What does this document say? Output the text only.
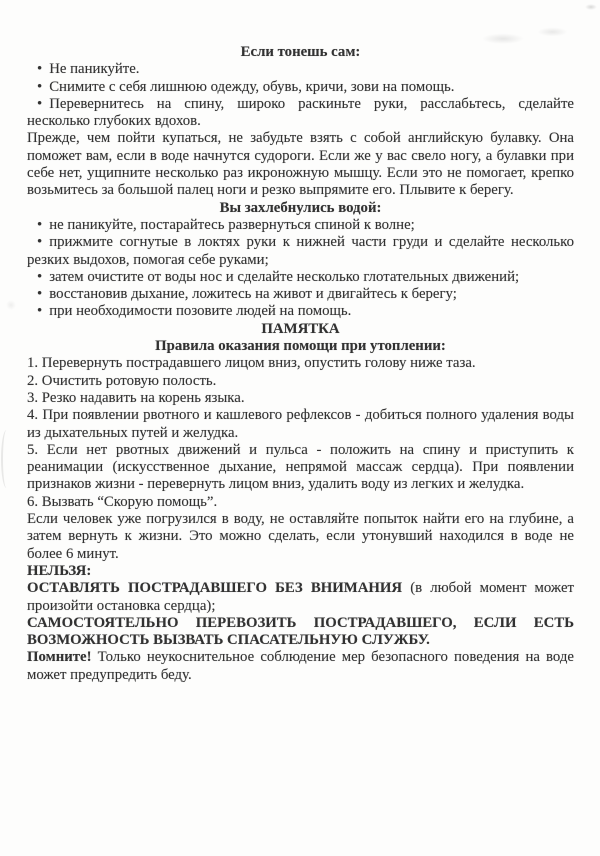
Если тонешь сам:

• Не паникуйте.
• Снимите с себя лишнюю одежду, обувь, кричи, зови на помощь.
• Перевернитесь на спину, широко раскиньте руки, расслабьтесь, сделайте несколько глубоких вдохов.

Прежде, чем пойти купаться, не забудьте взять с собой английскую булавку. Она поможет вам, если в воде начнутся судороги. Если же у вас свело ногу, а булавки при себе нет, ущипните несколько раз икроножную мышцу. Если это не помогает, крепко возьмитесь за большой палец ноги и резко выпрямите его. Плывите к берегу.

Вы захлебнулись водой:

• не паникуйте, постарайтесь развернуться спиной к волне;
• прижмите согнутые в локтях руки к нижней части груди и сделайте несколько резких выдохов, помогая себе руками;
• затем очистите от воды нос и сделайте несколько глотательных движений;
• восстановив дыхание, ложитесь на живот и двигайтесь к берегу;
• при необходимости позовите людей на помощь.

ПАМЯТКА

Правила оказания помощи при утоплении:

1. Перевернуть пострадавшего лицом вниз, опустить голову ниже таза.

2. Очистить ротовую полость.

3. Резко надавить на корень языка.

4. При появлении рвотного и кашлевого рефлексов - добиться полного удаления воды из дыхательных путей и желудка.

5. Если нет рвотных движений и пульса - положить на спину и приступить к реанимации (искусственное дыхание, непрямой массаж сердца). При появлении признаков жизни - перевернуть лицом вниз, удалить воду из легких и желудка.

6. Вызвать “Скорую помощь”.

Если человек уже погрузился в воду, не оставляйте попыток найти его на глубине, а затем вернуть к жизни. Это можно сделать, если утонувший находился в воде не более 6 минут.

НЕЛЬЗЯ:

ОСТАВЛЯТЬ ПОСТРАДАВШЕГО БЕЗ ВНИМАНИЯ (в любой момент может произойти остановка сердца);

САМОСТОЯТЕЛЬНО ПЕРЕВОЗИТЬ ПОСТРАДАВШЕГО, ЕСЛИ ЕСТЬ ВОЗМОЖНОСТЬ ВЫЗВАТЬ СПАСАТЕЛЬНУЮ СЛУЖБУ.

Помните! Только неукоснительное соблюдение мер безопасного поведения на воде может предупредить беду.
